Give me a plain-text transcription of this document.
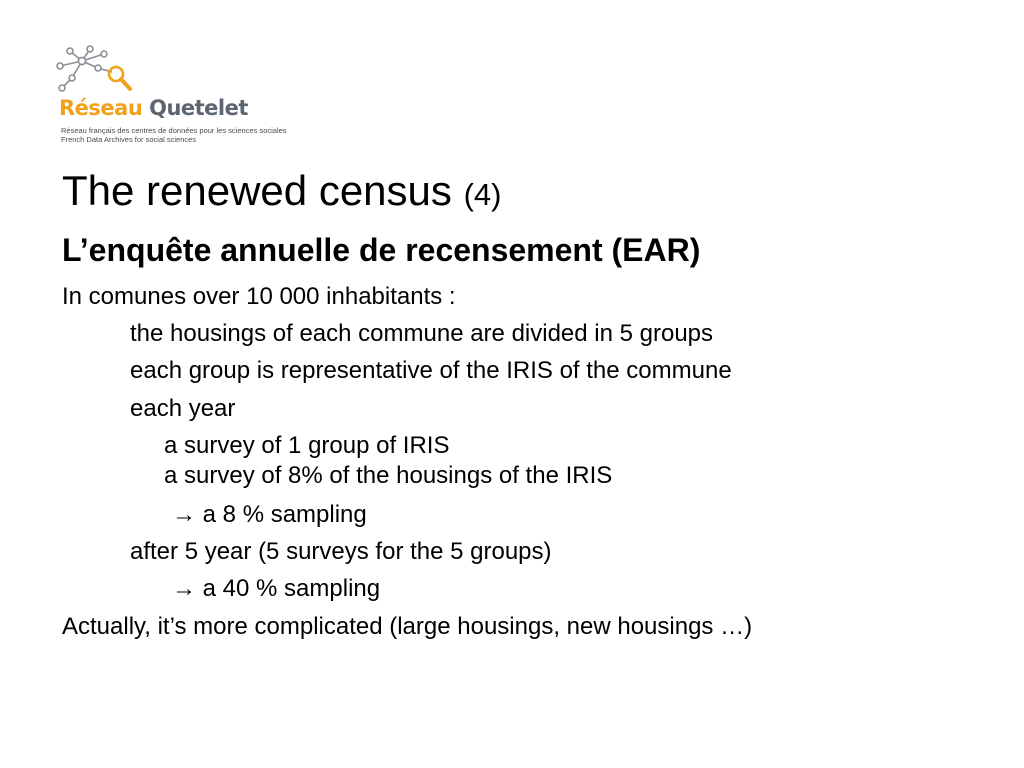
Réseau Quetelet
Réseau français des centres de données pour les sciences sociales
French Data Archives for social sciences
The renewed census (4)
L’enquête annuelle de recensement (EAR)
In comunes over 10 000 inhabitants :
the housings of each commune are divided in 5 groups
each group is representative of the IRIS of the commune
each year
a survey of 1 group of IRIS
a survey of 8% of the housings of the IRIS
→ a 8 % sampling
after 5 year (5 surveys for the 5 groups)
→ a 40 % sampling
Actually, it’s more complicated (large housings, new housings …)
